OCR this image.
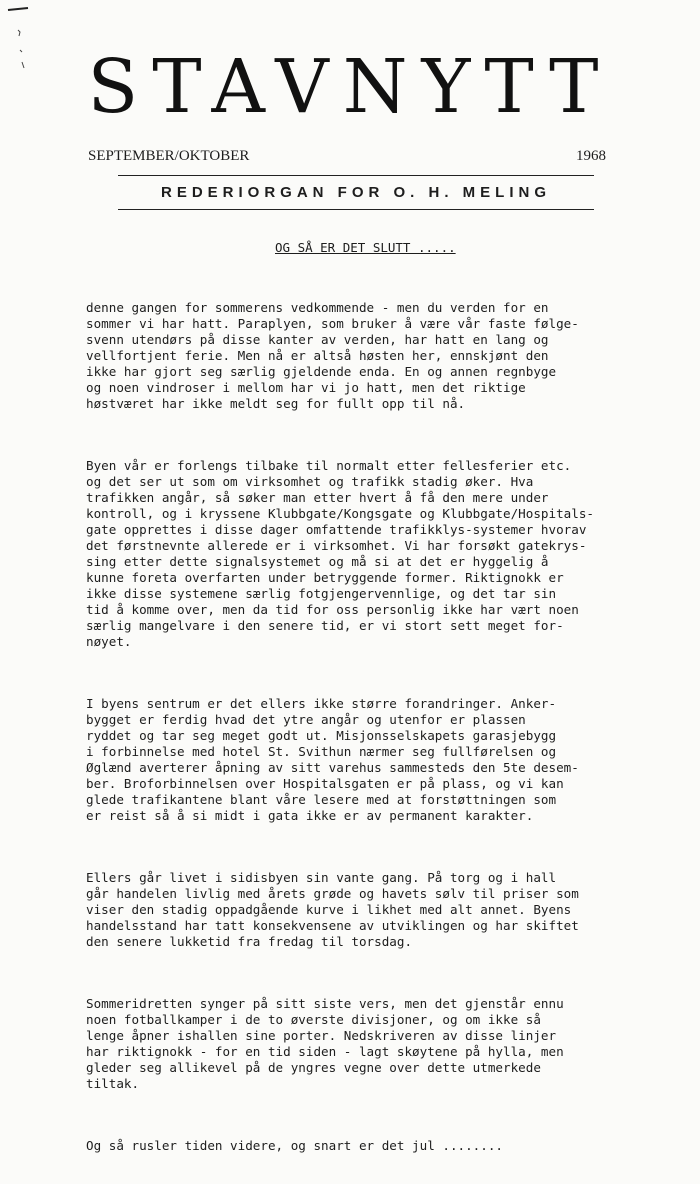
STAVNYTT
SEPTEMBER/OKTOBER	1968
REDERIORGAN FOR O. H. MELING
OG SÅ ER DET SLUTT .....

denne gangen for sommerens vedkommende - men du verden for en
sommer vi har hatt. Paraplyen, som bruker å være vår faste følge-
svenn utendørs på disse kanter av verden, har hatt en lang og
vellfortjent ferie. Men nå er altså høsten her, ennskjønt den
ikke har gjort seg særlig gjeldende enda. En og annen regnbyge
og noen vindroser i mellom har vi jo hatt, men det riktige
høstværet har ikke meldt seg for fullt opp til nå.

Byen vår er forlengs tilbake til normalt etter fellesferier etc.
og det ser ut som om virksomhet og trafikk stadig øker. Hva
trafikken angår, så søker man etter hvert å få den mere under
kontroll, og i kryssene Klubbgate/Kongsgate og Klubbgate/Hospitals-
gate opprettes i disse dager omfattende trafikklys-systemer hvorav
det førstnevnte allerede er i virksomhet. Vi har forsøkt gatekrys-
sing etter dette signalsystemet og må si at det er hyggelig å
kunne foreta overfarten under betryggende former. Riktignokk er
ikke disse systemene særlig fotgjengervennlige, og det tar sin
tid å komme over, men da tid for oss personlig ikke har vært noen
særlig mangelvare i den senere tid, er vi stort sett meget for-
nøyet.

I byens sentrum er det ellers ikke større forandringer. Anker-
bygget er ferdig hvad det ytre angår og utenfor er plassen
ryddet og tar seg meget godt ut. Misjonsselskapets garasjebygg
i forbinnelse med hotel St. Svithun nærmer seg fullførelsen og
Øglænd averterer åpning av sitt varehus sammesteds den 5te desem-
ber. Broforbinnelsen over Hospitalsgaten er på plass, og vi kan
glede trafikantene blant våre lesere med at forstøttningen som
er reist så å si midt i gata ikke er av permanent karakter.

Ellers går livet i sidisbyen sin vante gang. På torg og i hall
går handelen livlig med årets grøde og havets sølv til priser som
viser den stadig oppadgående kurve i likhet med alt annet. Byens
handelsstand har tatt konsekvensene av utviklingen og har skiftet
den senere lukketid fra fredag til torsdag.

Sommeridretten synger på sitt siste vers, men det gjenstår ennu
noen fotballkamper i de to øverste divisjoner, og om ikke så
lenge åpner ishallen sine porter. Nedskriveren av disse linjer
har riktignokk - for en tid siden - lagt skøytene på hylla, men
gleder seg allikevel på de yngres vegne over dette utmerkede
tiltak.

Og så rusler tiden videre, og snart er det jul ........
